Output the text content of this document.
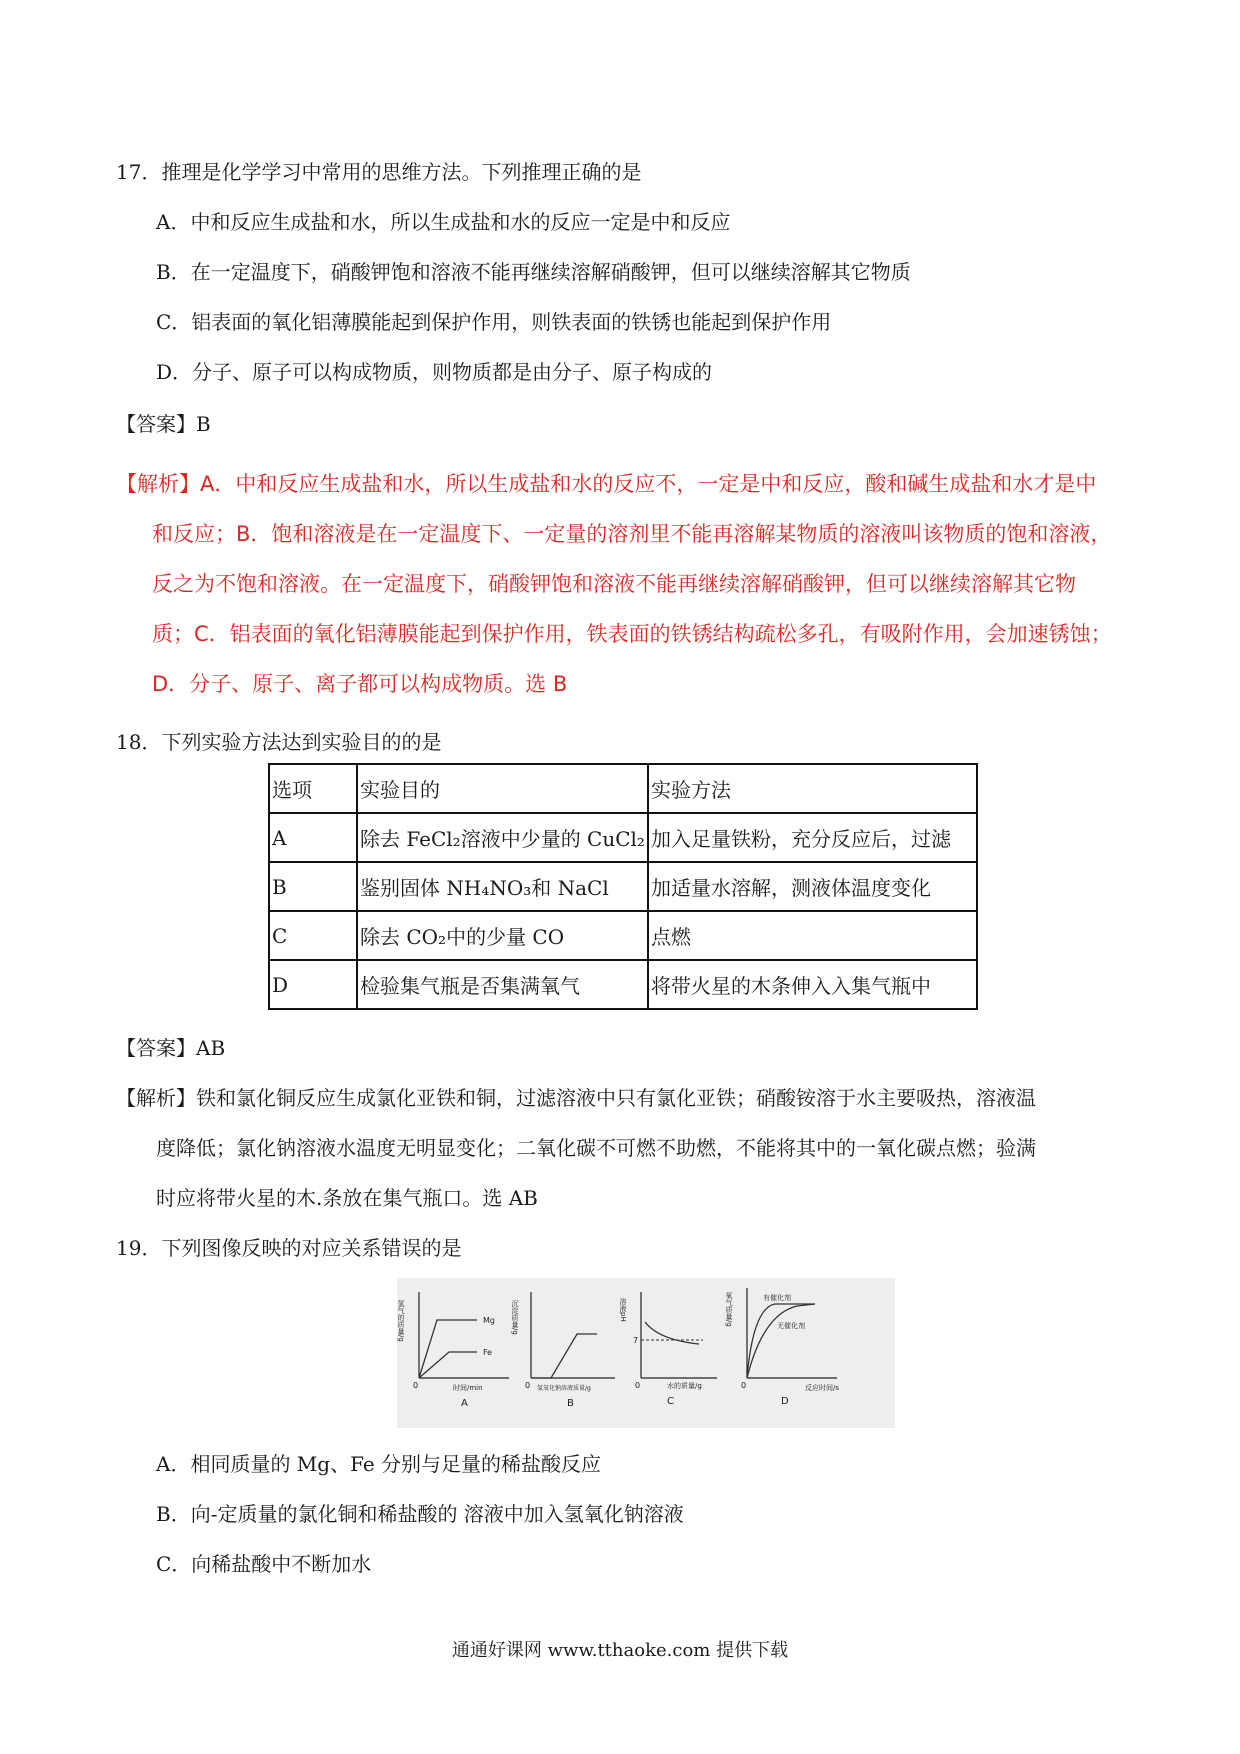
17．推理是化学学习中常用的思维方法。下列推理正确的是
A．中和反应生成盐和水，所以生成盐和水的反应一定是中和反应
B．在一定温度下，硝酸钾饱和溶液不能再继续溶解硝酸钾，但可以继续溶解其它物质
C．铝表面的氧化铝薄膜能起到保护作用，则铁表面的铁锈也能起到保护作用
D．分子、原子可以构成物质，则物质都是由分子、原子构成的
【答案】B
【解析】A．中和反应生成盐和水，所以生成盐和水的反应不，一定是中和反应，酸和碱生成盐和水才是中
和反应；B．饱和溶液是在一定温度下、一定量的溶剂里不能再溶解某物质的溶液叫该物质的饱和溶液，
反之为不饱和溶液。在一定温度下，硝酸钾饱和溶液不能再继续溶解硝酸钾，但可以继续溶解其它物
质；C．铝表面的氧化铝薄膜能起到保护作用，铁表面的铁锈结构疏松多孔，有吸附作用，会加速锈蚀；
D．分子、原子、离子都可以构成物质。选 B
18．下列实验方法达到实验目的的是
选项	实验目的	实验方法
A	除去 FeCl₂溶液中少量的 CuCl₂	加入足量铁粉，充分反应后，过滤
B	鉴别固体 NH₄NO₃和 NaCl	加适量水溶解，测液体温度变化
C	除去 CO₂中的少量 CO	点燃
D	检验集气瓶是否集满氧气	将带火星的木条伸入入集气瓶中
【答案】AB
【解析】铁和氯化铜反应生成氯化亚铁和铜，过滤溶液中只有氯化亚铁；硝酸铵溶于水主要吸热，溶液温
度降低；氯化钠溶液水温度无明显变化；二氧化碳不可燃不助燃，不能将其中的一氧化碳点燃；验满
时应将带火星的木.条放在集气瓶口。选 AB
19．下列图像反映的对应关系错误的是
氢气的质量/g	Mg
Fe
0	时间/min
A
沉淀质量/g
0 氢氧化钠溶液质量/g
B
溶液pH
7
0	水的质量/g
C
氧气质量/g	有催化剂
无催化剂
0	反应时间/s
D
A．相同质量的 Mg、Fe 分别与足量的稀盐酸反应
B．向-定质量的氯化铜和稀盐酸的 溶液中加入氢氧化钠溶液
C．向稀盐酸中不断加水
通通好课网 www.tthaoke.com 提供下载
